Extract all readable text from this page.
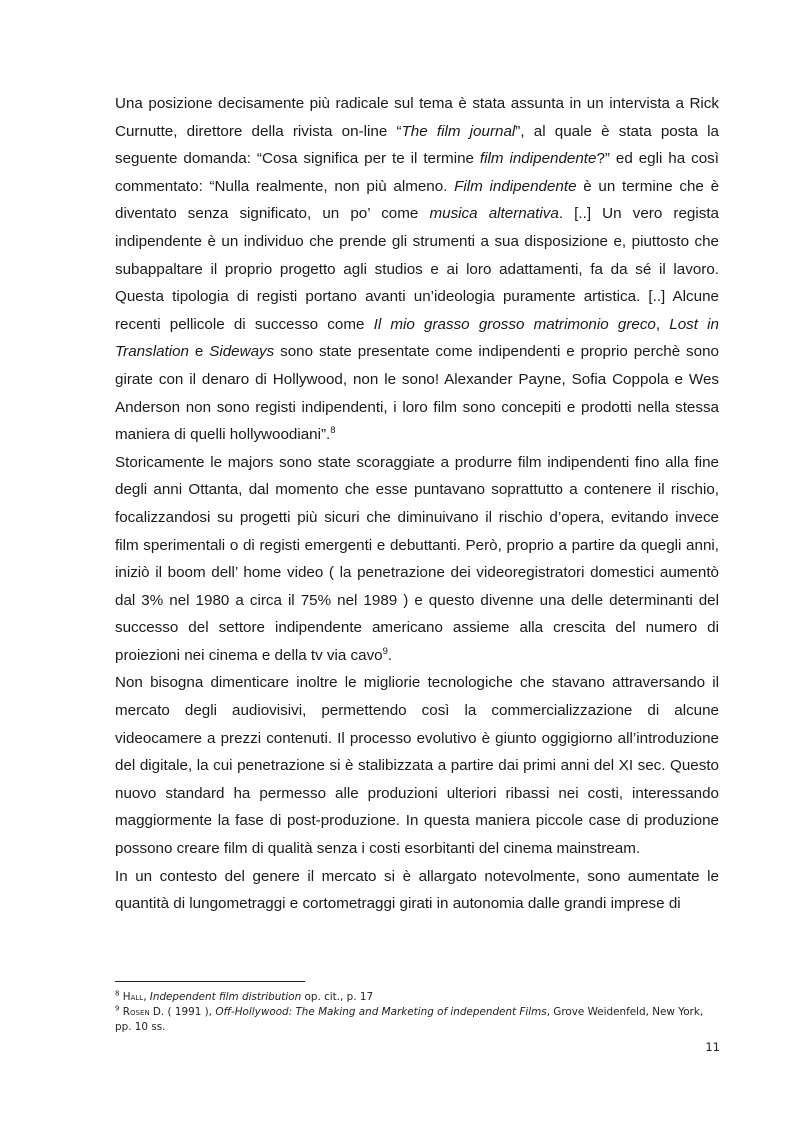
Una posizione decisamente più radicale sul tema è stata assunta in un intervista a Rick Curnutte, direttore della rivista on-line “The film journal”, al quale è stata posta la seguente domanda: “Cosa significa per te il termine film indipendente?” ed egli ha così commentato: “Nulla realmente, non più almeno. Film indipendente è un termine che è diventato senza significato, un po’ come musica alternativa. [..] Un vero regista indipendente è un individuo che prende gli strumenti a sua disposizione e, piuttosto che subappaltare il proprio progetto agli studios e ai loro adattamenti, fa da sé il lavoro. Questa tipologia di registi portano avanti un’ideologia puramente artistica. [..] Alcune recenti pellicole di successo come Il mio grasso grosso matrimonio greco, Lost in Translation e Sideways sono state presentate come indipendenti e proprio perchè sono girate con il denaro di Hollywood, non le sono! Alexander Payne, Sofia Coppola e Wes Anderson non sono registi indipendenti, i loro film sono concepiti e prodotti nella stessa maniera di quelli hollywoodiani”.$^8$

Storicamente le majors sono state scoraggiate a produrre film indipendenti fino alla fine degli anni Ottanta, dal momento che esse puntavano soprattutto a contenere il rischio, focalizzandosi su progetti più sicuri che diminuivano il rischio d’opera, evitando invece film sperimentali o di registi emergenti e debuttanti. Però, proprio a partire da quegli anni, iniziò il boom dell’ home video ( la penetrazione dei videoregistratori domestici aumentò dal 3% nel 1980 a circa il 75% nel 1989 ) e questo divenne una delle determinanti del successo del settore indipendente americano assieme alla crescita del numero di proiezioni nei cinema e della tv via cavo$^9$.

Non bisogna dimenticare inoltre le migliorie tecnologiche che stavano attraversando il mercato degli audiovisivi, permettendo così la commercializzazione di alcune videocamere a prezzi contenuti. Il processo evolutivo è giunto oggigiorno all’introduzione del digitale, la cui penetrazione si è stalibizzata a partire dai primi anni del XI sec. Questo nuovo standard ha permesso alle produzioni ulteriori ribassi nei costi, interessando maggiormente la fase di post-produzione. In questa maniera piccole case di produzione possono creare film di qualità senza i costi esorbitanti del cinema mainstream.

In un contesto del genere il mercato si è allargato notevolmente, sono aumentate le quantità di lungometraggi e cortometraggi girati in autonomia dalle grandi imprese di

$^8$ Hall, Independent film distribution op. cit., p. 17
$^9$ Rosen D. ( 1991 ), Off-Hollywood: The Making and Marketing of independent Films, Grove Weidenfeld, New York, pp. 10 ss.
11
